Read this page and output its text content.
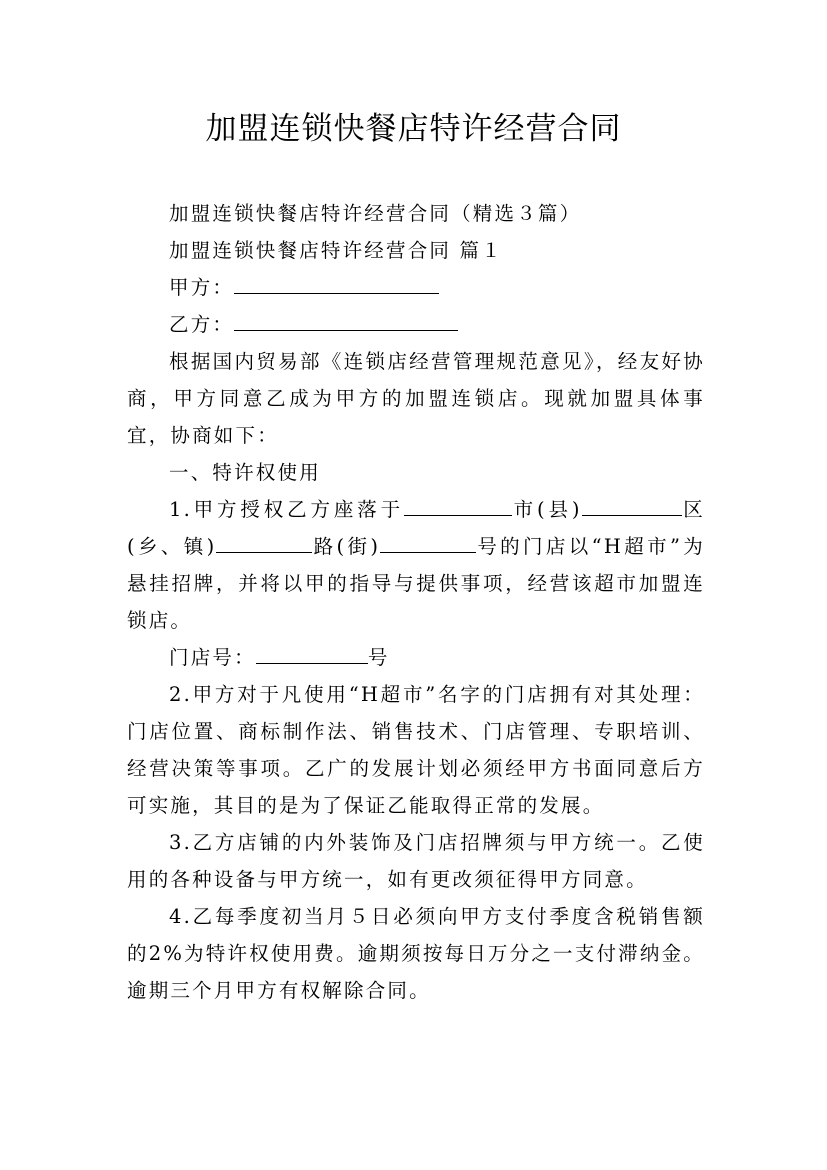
加盟连锁快餐店特许经营合同

加盟连锁快餐店特许经营合同（精选３篇）

加盟连锁快餐店特许经营合同 篇１

甲方：

乙方：

根据国内贸易部《连锁店经营管理规范意见》，经友好协商，甲方同意乙成为甲方的加盟连锁店。现就加盟具体事宜，协商如下：

一、特许权使用

1.甲方授权乙方座落于	市(县)	区(乡、镇)	路(街)	号的门店以“H超市”为悬挂招牌，并将以甲的指导与提供事项，经营该超市加盟连锁店。

门店号：	号

2.甲方对于凡使用“H超市”名字的门店拥有对其处理：门店位置、商标制作法、销售技术、门店管理、专职培训、经营决策等事项。乙广的发展计划必须经甲方书面同意后方可实施，其目的是为了保证乙能取得正常的发展。

3.乙方店铺的内外装饰及门店招牌须与甲方统一。乙使用的各种设备与甲方统一，如有更改须征得甲方同意。

4.乙每季度初当月５日必须向甲方支付季度含税销售额的2%为特许权使用费。逾期须按每日万分之一支付滞纳金。逾期三个月甲方有权解除合同。
